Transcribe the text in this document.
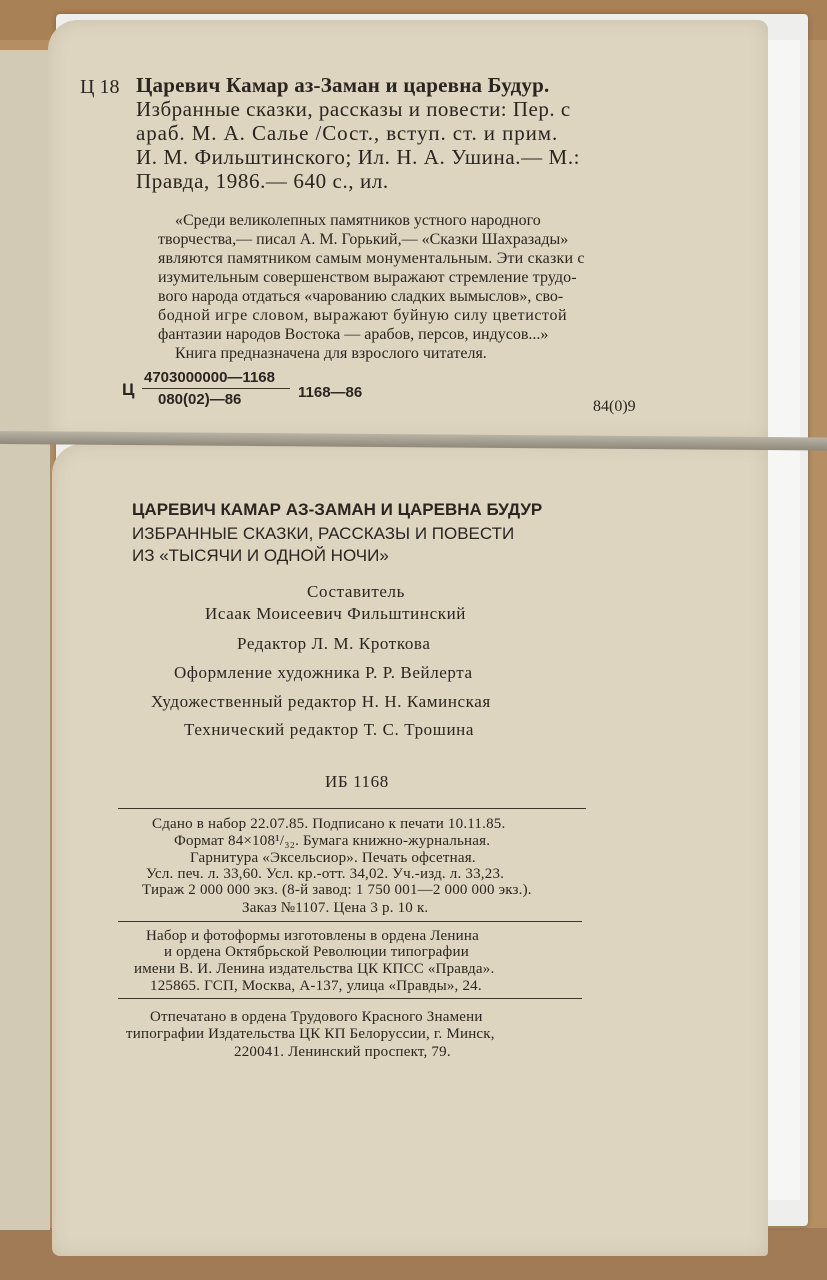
Ц 18 Царевич Камар аз-Заман и царевна Будур.
Избранные сказки, рассказы и повести: Пер. с
араб. М. А. Салье /Сост., вступ. ст. и прим.
И. М. Фильштинского; Ил. Н. А. Ушина.— М.:
Правда, 1986.— 640 с., ил.
«Среди великолепных памятников устного народного
творчества,— писал А. М. Горький,— «Сказки Шахразады»
являются памятником самым монументальным. Эти сказки с
изумительным совершенством выражают стремление трудо-
вого народа отдаться «чарованию сладких вымыслов», сво-
бодной игре словом, выражают буйную силу цветистой
фантазии народов Востока — арабов, персов, индусов...»
Книга предназначена для взрослого читателя.
Ц
4703000000—1168
080(02)—86	1168—86
84(0)9
ЦАРЕВИЧ КАМАР АЗ-ЗАМАН И ЦАРЕВНА БУДУР
ИЗБРАННЫЕ СКАЗКИ, РАССКАЗЫ И ПОВЕСТИ
ИЗ «ТЫСЯЧИ И ОДНОЙ НОЧИ»
Составитель
Исаак Моисеевич Фильштинский
Редактор Л. М. Кроткова
Оформление художника Р. Р. Вейлерта
Художественный редактор Н. Н. Каминская
Технический редактор Т. С. Трошина
ИБ 1168
Сдано в набор 22.07.85. Подписано к печати 10.11.85.
Формат 84×108¹/₃₂. Бумага книжно-журнальная.
Гарнитура «Эксельсиор». Печать офсетная.
Усл. печ. л. 33,60. Усл. кр.-отт. 34,02. Уч.-изд. л. 33,23.
Тираж 2 000 000 экз. (8-й завод: 1 750 001—2 000 000 экз.).
Заказ №1107. Цена 3 р. 10 к.
Набор и фотоформы изготовлены в ордена Ленина
и ордена Октябрьской Революции типографии
имени В. И. Ленина издательства ЦК КПСС «Правда».
125865. ГСП, Москва, А-137, улица «Правды», 24.
Отпечатано в ордена Трудового Красного Знамени
типографии Издательства ЦК КП Белоруссии, г. Минск,
220041. Ленинский проспект, 79.
